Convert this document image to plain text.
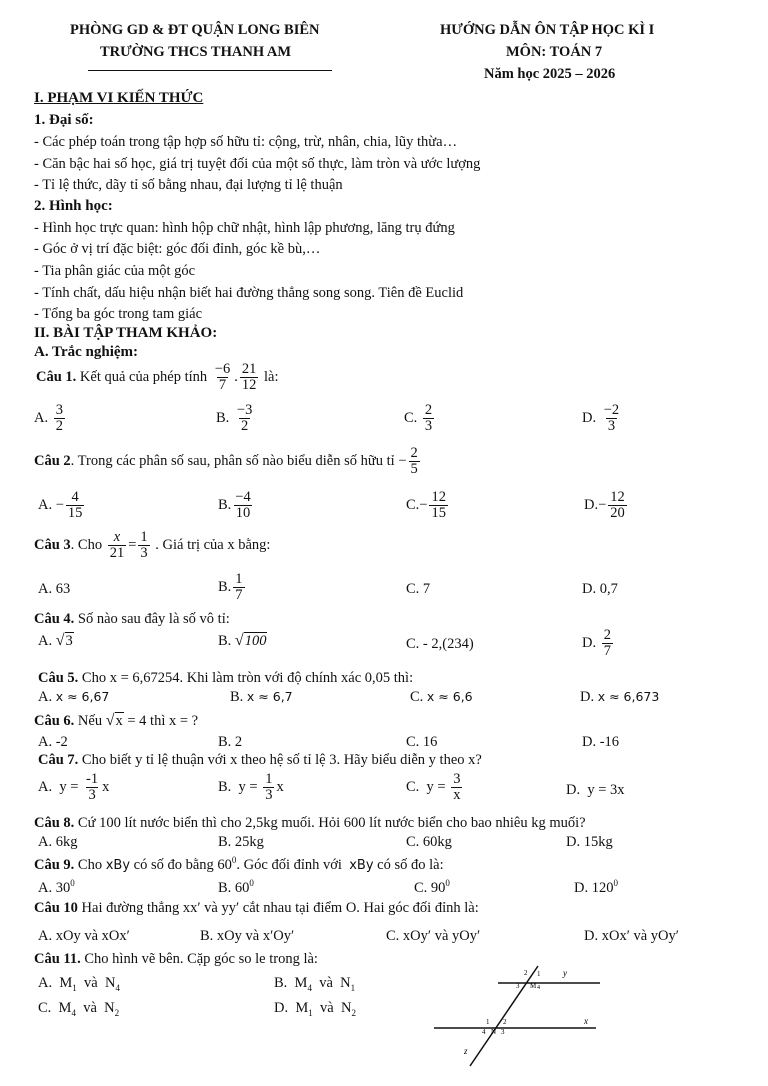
PHÒNG GD & ĐT QUẬN LONG BIÊN
TRƯỜNG THCS THANH AM
HƯỚNG DẪN ÔN TẬP HỌC KÌ I
MÔN: TOÁN 7
Năm học 2025 – 2026
I. PHẠM VI KIẾN THỨC
1. Đại số:
- Các phép toán trong tập hợp số hữu tỉ: cộng, trừ, nhân, chia, lũy thừa…
- Căn bậc hai số học, giá trị tuyệt đối của một số thực, làm tròn và ước lượng
- Tỉ lệ thức, dãy tỉ số bằng nhau, đại lượng tỉ lệ thuận
2. Hình học:
- Hình học trực quan: hình hộp chữ nhật, hình lập phương, lăng trụ đứng
- Góc ở vị trí đặc biệt: góc đối đỉnh, góc kề bù,…
- Tia phân giác của một góc
- Tính chất, dấu hiệu nhận biết hai đường thẳng song song. Tiên đề Euclid
- Tổng ba góc trong tam giác
II. BÀI TẬP THAM KHẢO:
A. Trắc nghiệm:
Câu 1. Kết quả của phép tính $\frac{-6}{7}$ . $\frac{21}{12}$ là:
A. $\frac{3}{2}$	B. $\frac{-3}{2}$	C. $\frac{2}{3}$	D. $\frac{-2}{3}$
Câu 2. Trong các phân số sau, phân số nào biểu diễn số hữu tỉ − $\frac{2}{5}$
A. − $\frac{4}{15}$	B. $\frac{-4}{10}$	$C.- \frac{12}{15}$	$D.- \frac{12}{20}$
Câu 3. Cho $\frac{x}{21} = \frac{1}{3}$ . Giá trị của x bằng:
A. 63	B. $\frac{1}{7}$	C. 7	D. 0,7
Câu 4. Số nào sau đây là số vô tỉ:
A. √3	B. √100	C. - 2,(234)	D. $\frac{2}{7}$
Câu 5. Cho x = 6,67254. Khi làm tròn với độ chính xác 0,05 thì:
A. x ≈ 6,67	B. x ≈ 6,7	C. x ≈ 6,6	D. x ≈ 6,673
Câu 6. Nếu √x = 4 thì x = ?
A. -2	B. 2	C. 16	D. -16
Câu 7. Cho biết y tỉ lệ thuận với x theo hệ số tỉ lệ 3. Hãy biểu diễn y theo x?
A. $y = \frac{-1}{3}$ x	B. $y = \frac{1}{3}$ x	C. $y = \frac{3}{x}$	D. y = 3x
Câu 8. Cứ 100 lít nước biển thì cho 2,5kg muối. Hỏi 600 lít nước biển cho bao nhiêu kg muối?
A. 6kg	B. 25kg	C. 60kg	D. 15kg
Câu 9. Cho xBy có số đo bằng $60^0$. Góc đối đỉnh với xBy có số đo là:
A. $30^0$	B. $60^0$	C. $90^0$	D. $120^0$
Câu 10 Hai đường thẳng xx′ và yy′ cắt nhau tại điểm O. Hai góc đối đỉnh là:
A. xOy và xOx′	B. xOy và x′Oy′	C. xOy′ và yOy′	D. xOx′ và yOy′
Câu 11. Cho hình vẽ bên. Cặp góc so le trong là:
A. $M_1$ và $N_4$	B. $M_4$ và $N_1$
C. $M_4$ và $N_2$	D. $M_1$ và $N_2$
y
x
z
2 1
3 M 4
1 2
4 N 3
